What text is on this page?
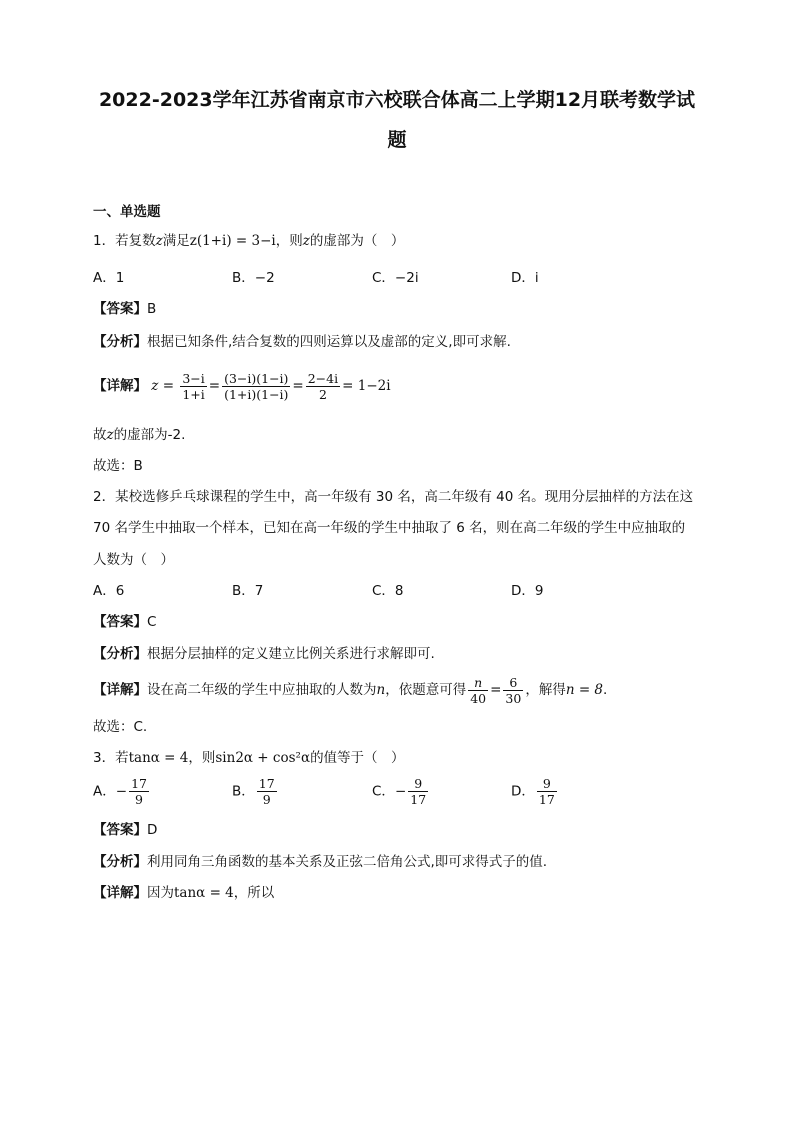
2022-2023学年江苏省南京市六校联合体高二上学期12月联考数学试
题
一、单选题
1．若复数z满足z(1+i) = 3−i，则z的虚部为（　）
A．1	B．−2	C．−2i	D．i
【答案】B
【分析】根据已知条件,结合复数的四则运算以及虚部的定义,即可求解.
【详解】 $z = \frac{3-i}{1+i} = \frac{(3-i)(1-i)}{(1+i)(1-i)} = \frac{2-4i}{2} = 1-2i$
故z的虚部为-2.
故选：B
2．某校选修乒乓球课程的学生中，高一年级有 30 名，高二年级有 40 名。现用分层抽样的方法在这
70 名学生中抽取一个样本，已知在高一年级的学生中抽取了 6 名，则在高二年级的学生中应抽取的
人数为（　）
A．6	B．7	C．8	D．9
【答案】C
【分析】根据分层抽样的定义建立比例关系进行求解即可.
【详解】设在高二年级的学生中应抽取的人数为n，依题意可得 $\frac{n}{40} = \frac{6}{30}$ ，解得n = 8.
故选：C.
3．若tanα = 4，则sin2α + cos²α的值等于（　）
A．− $\frac{17}{9}$	B． $\frac{17}{9}$	C．− $\frac{9}{17}$	D． $\frac{9}{17}$
【答案】D
【分析】利用同角三角函数的基本关系及正弦二倍角公式,即可求得式子的值.
【详解】因为tanα = 4，所以
